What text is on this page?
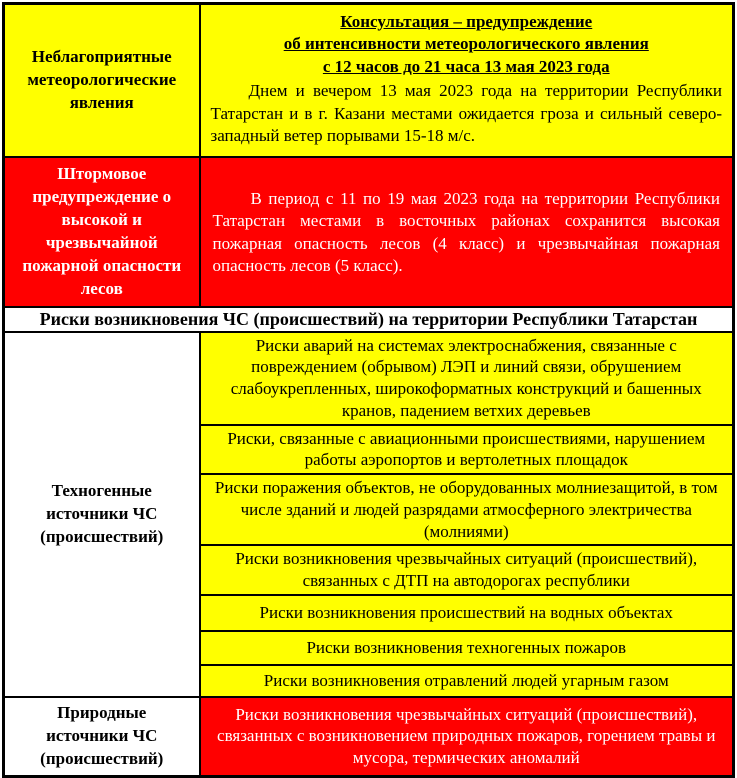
Неблагоприятные метеорологические явления	Консультация – предупреждение
об интенсивности метеорологического явления
с 12 часов до 21 часа 13 мая 2023 года

Днем и вечером 13 мая 2023 года на территории Республики Татарстан и в г. Казани местами ожидается гроза и сильный северо-западный ветер порывами 15-18 м/с.

Штормовое предупреждение о высокой и чрезвычайной пожарной опасности лесов	В период с 11 по 19 мая 2023 года на территории Республики Татарстан местами в восточных районах сохранится высокая пожарная опасность лесов (4 класс) и чрезвычайная пожарная опасность лесов (5 класс).

Риски возникновения ЧС (происшествий) на территории Республики Татарстан	
Техногенные источники ЧС (происшествий)	Риски аварий на системах электроснабжения, связанные с повреждением (обрывом) ЛЭП и линий связи, обрушением слабоукрепленных, широкоформатных конструкций и башенных кранов, падением ветхих деревьев
	Риски, связанные с авиационными происшествиями, нарушением работы аэропортов и вертолетных площадок
	Риски поражения объектов, не оборудованных молниезащитой, в том числе зданий и людей разрядами атмосферного электричества (молниями)
	Риски возникновения чрезвычайных ситуаций (происшествий), связанных с ДТП на автодорогах республики
	Риски возникновения происшествий на водных объектах
	Риски возникновения техногенных пожаров
	Риски возникновения отравлений людей угарным газом
Природные источники ЧС (происшествий)	Риски возникновения чрезвычайных ситуаций (происшествий), связанных с возникновением природных пожаров, горением травы и мусора, термических аномалий
